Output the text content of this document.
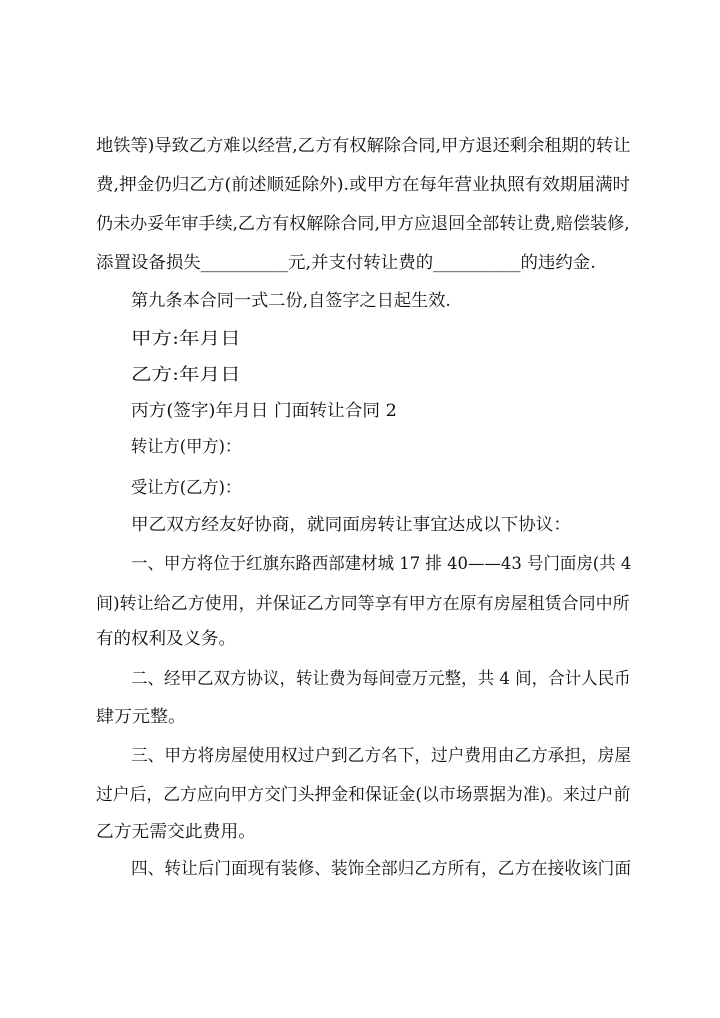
地铁等)导致乙方难以经营,乙方有权解除合同,甲方退还剩余租期的转让
费,押金仍归乙方(前述顺延除外).或甲方在每年营业执照有效期届满时
仍未办妥年审手续,乙方有权解除合同,甲方应退回全部转让费,赔偿装修,
添置设备损失__________元,并支付转让费的__________的违约金.
第九条本合同一式二份,自签字之日起生效.
甲方:年月日
乙方:年月日
丙方(签字)年月日 门面转让合同 2
转让方(甲方)：
受让方(乙方)：
甲乙双方经友好协商，就同面房转让事宜达成以下协议：
一、甲方将位于红旗东路西部建材城 17 排 40——43 号门面房(共 4
间)转让给乙方使用，并保证乙方同等享有甲方在原有房屋租赁合同中所
有的权利及义务。
二、经甲乙双方协议，转让费为每间壹万元整，共 4 间，合计人民币
肆万元整。
三、甲方将房屋使用权过户到乙方名下，过户费用由乙方承担，房屋
过户后，乙方应向甲方交门头押金和保证金(以市场票据为准)。来过户前
乙方无需交此费用。
四、转让后门面现有装修、装饰全部归乙方所有，乙方在接收该门面
